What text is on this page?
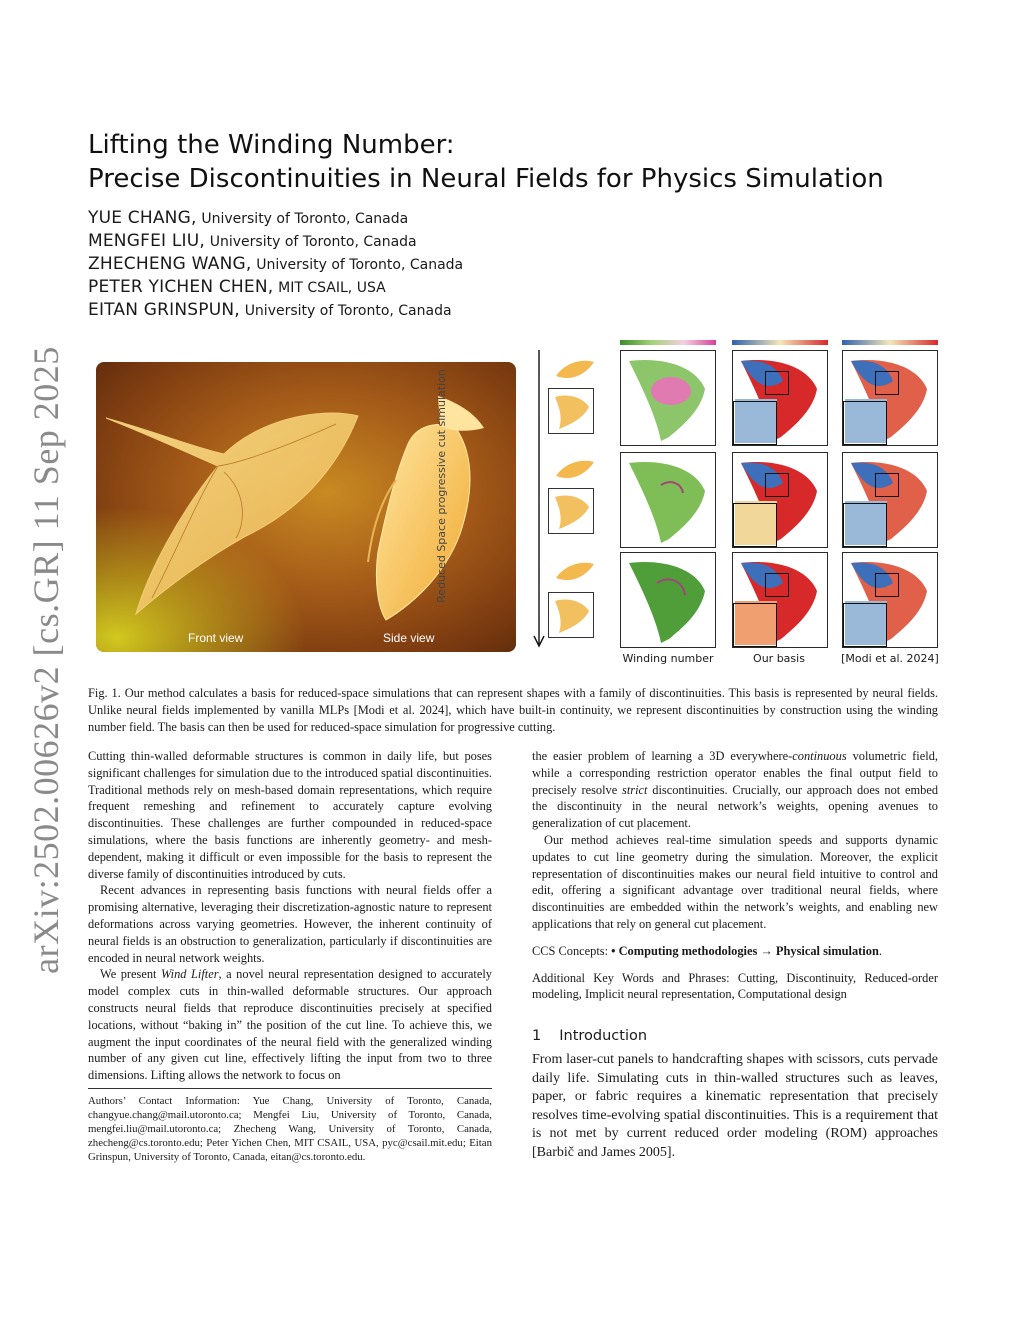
arXiv:2502.00626v2 [cs.GR] 11 Sep 2025
Lifting the Winding Number:
Precise Discontinuities in Neural Fields for Physics Simulation
YUE CHANG, University of Toronto, Canada
MENGFEI LIU, University of Toronto, Canada
ZHECHENG WANG, University of Toronto, Canada
PETER YICHEN CHEN, MIT CSAIL, USA
EITAN GRINSPUN, University of Toronto, Canada
Front view	Side view
Reduced Space progressive cut simulation
Winding number	Our basis	[Modi et al. 2024]
Fig. 1. Our method calculates a basis for reduced-space simulations that can represent shapes with a family of discontinuities. This basis is represented by neural fields. Unlike neural fields implemented by vanilla MLPs [Modi et al. 2024], which have built-in continuity, we represent discontinuities by construction using the winding number field. The basis can then be used for reduced-space simulation for progressive cutting.

Cutting thin-walled deformable structures is common in daily life, but poses significant challenges for simulation due to the introduced spatial discontinuities. Traditional methods rely on mesh-based domain representations, which require frequent remeshing and refinement to accurately capture evolving discontinuities. These challenges are further compounded in reduced-space simulations, where the basis functions are inherently geometry- and mesh-dependent, making it difficult or even impossible for the basis to represent the diverse family of discontinuities introduced by cuts.

Recent advances in representing basis functions with neural fields offer a promising alternative, leveraging their discretization-agnostic nature to represent deformations across varying geometries. However, the inherent continuity of neural fields is an obstruction to generalization, particularly if discontinuities are encoded in neural network weights.

We present Wind Lifter, a novel neural representation designed to accurately model complex cuts in thin-walled deformable structures. Our approach constructs neural fields that reproduce discontinuities precisely at specified locations, without “baking in” the position of the cut line. To achieve this, we augment the input coordinates of the neural field with the generalized winding number of any given cut line, effectively lifting the input from two to three dimensions. Lifting allows the network to focus on

Authors’ Contact Information: Yue Chang, University of Toronto, Canada, changyue.chang@mail.utoronto.ca; Mengfei Liu, University of Toronto, Canada, mengfei.liu@mail.utoronto.ca; Zhecheng Wang, University of Toronto, Canada, zhecheng@cs.toronto.edu; Peter Yichen Chen, MIT CSAIL, USA, pyc@csail.mit.edu; Eitan Grinspun, University of Toronto, Canada, eitan@cs.toronto.edu.

the easier problem of learning a 3D everywhere-continuous volumetric field, while a corresponding restriction operator enables the final output field to precisely resolve strict discontinuities. Crucially, our approach does not embed the discontinuity in the neural network’s weights, opening avenues to generalization of cut placement.

Our method achieves real-time simulation speeds and supports dynamic updates to cut line geometry during the simulation. Moreover, the explicit representation of discontinuities makes our neural field intuitive to control and edit, offering a significant advantage over traditional neural fields, where discontinuities are embedded within the network’s weights, and enabling new applications that rely on general cut placement.

CCS Concepts: • Computing methodologies → Physical simulation.

Additional Key Words and Phrases: Cutting, Discontinuity, Reduced-order modeling, Implicit neural representation, Computational design

1 Introduction
From laser-cut panels to handcrafting shapes with scissors, cuts pervade daily life. Simulating cuts in thin-walled structures such as leaves, paper, or fabric requires a kinematic representation that precisely resolves time-evolving spatial discontinuities. This is a requirement that is not met by current reduced order modeling (ROM) approaches [Barbič and James 2005].
